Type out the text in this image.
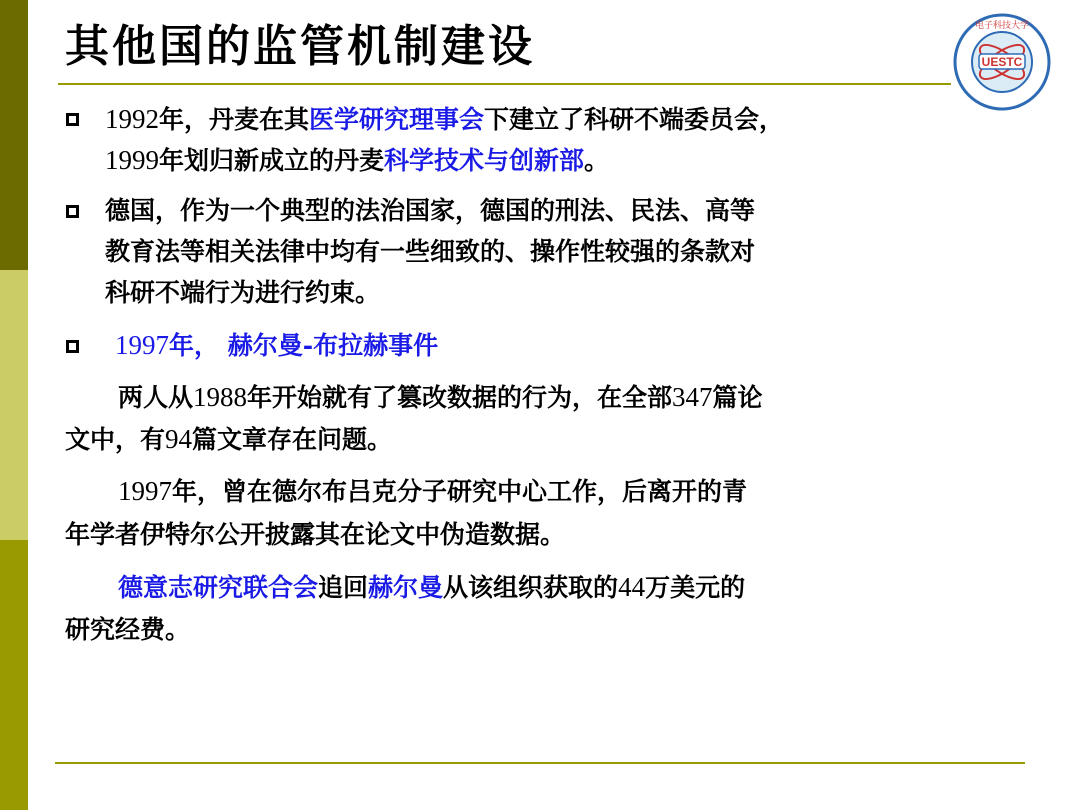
其他国的监管机制建设	UESTC
电子科技大学
1992年，丹麦在其医学研究理事会下建立了科研不端委员会，
1999年划归新成立的丹麦科学技术与创新部。
德国，作为一个典型的法治国家，德国的刑法、民法、高等
教育法等相关法律中均有一些细致的、操作性较强的条款对
科研不端行为进行约束。
1997年， 赫尔曼-布拉赫事件
两人从1988年开始就有了篡改数据的行为，在全部347篇论
文中，有94篇文章存在问题。
1997年，曾在德尔布吕克分子研究中心工作，后离开的青
年学者伊特尔公开披露其在论文中伪造数据。
德意志研究联合会追回赫尔曼从该组织获取的44万美元的
研究经费。
